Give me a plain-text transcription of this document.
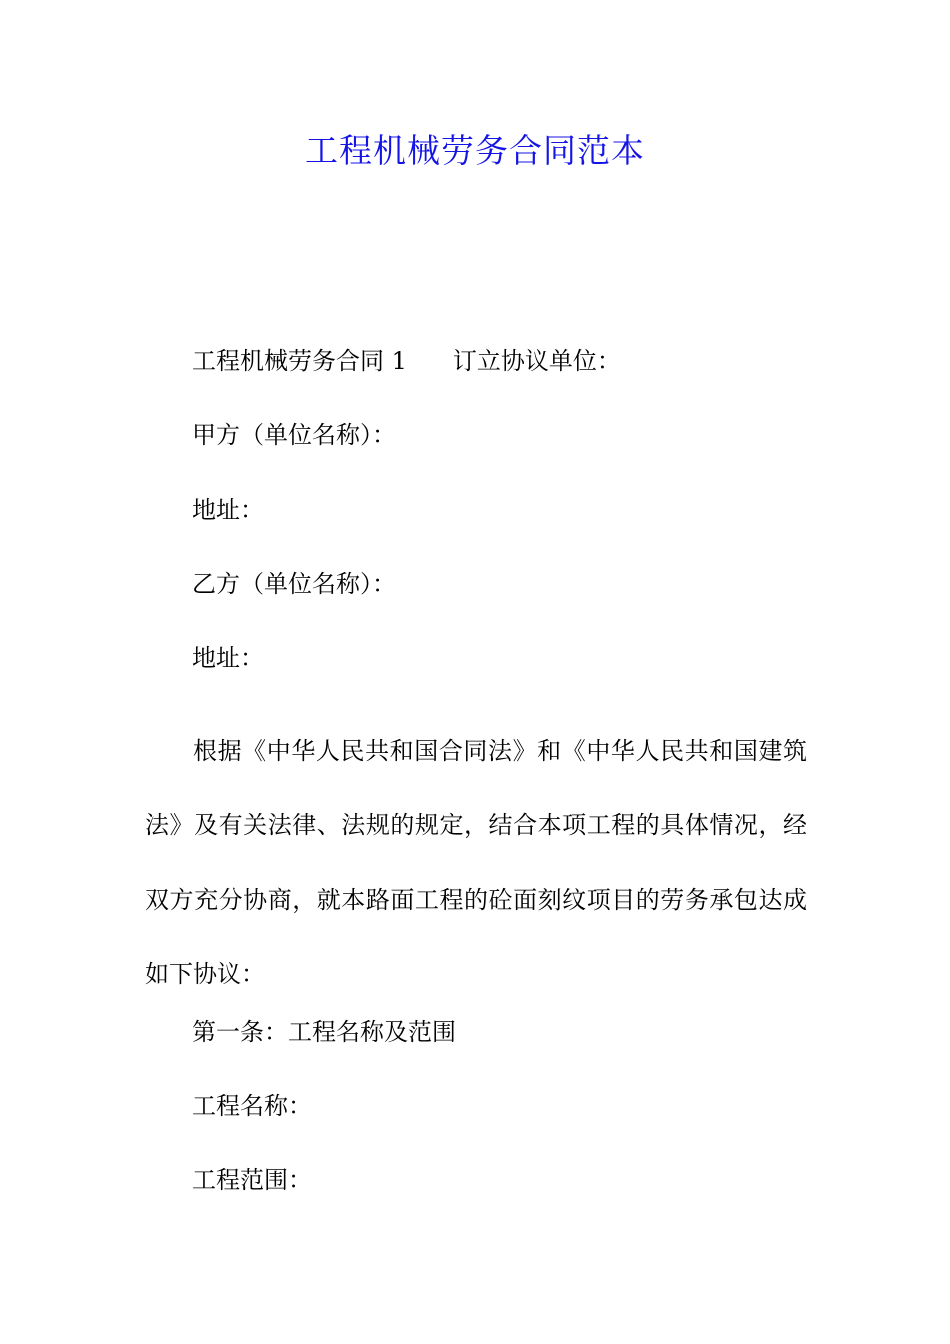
工程机械劳务合同范本
工程机械劳务合同 1 订立协议单位：
甲方（单位名称）：
地址：
乙方（单位名称）：
地址：
根据《中华人民共和国合同法》和《中华人民共和国建筑法》及有关法律、法规的规定，结合本项工程的具体情况，经双方充分协商，就本路面工程的砼面刻纹项目的劳务承包达成如下协议：
第一条：工程名称及范围
工程名称：
工程范围：
